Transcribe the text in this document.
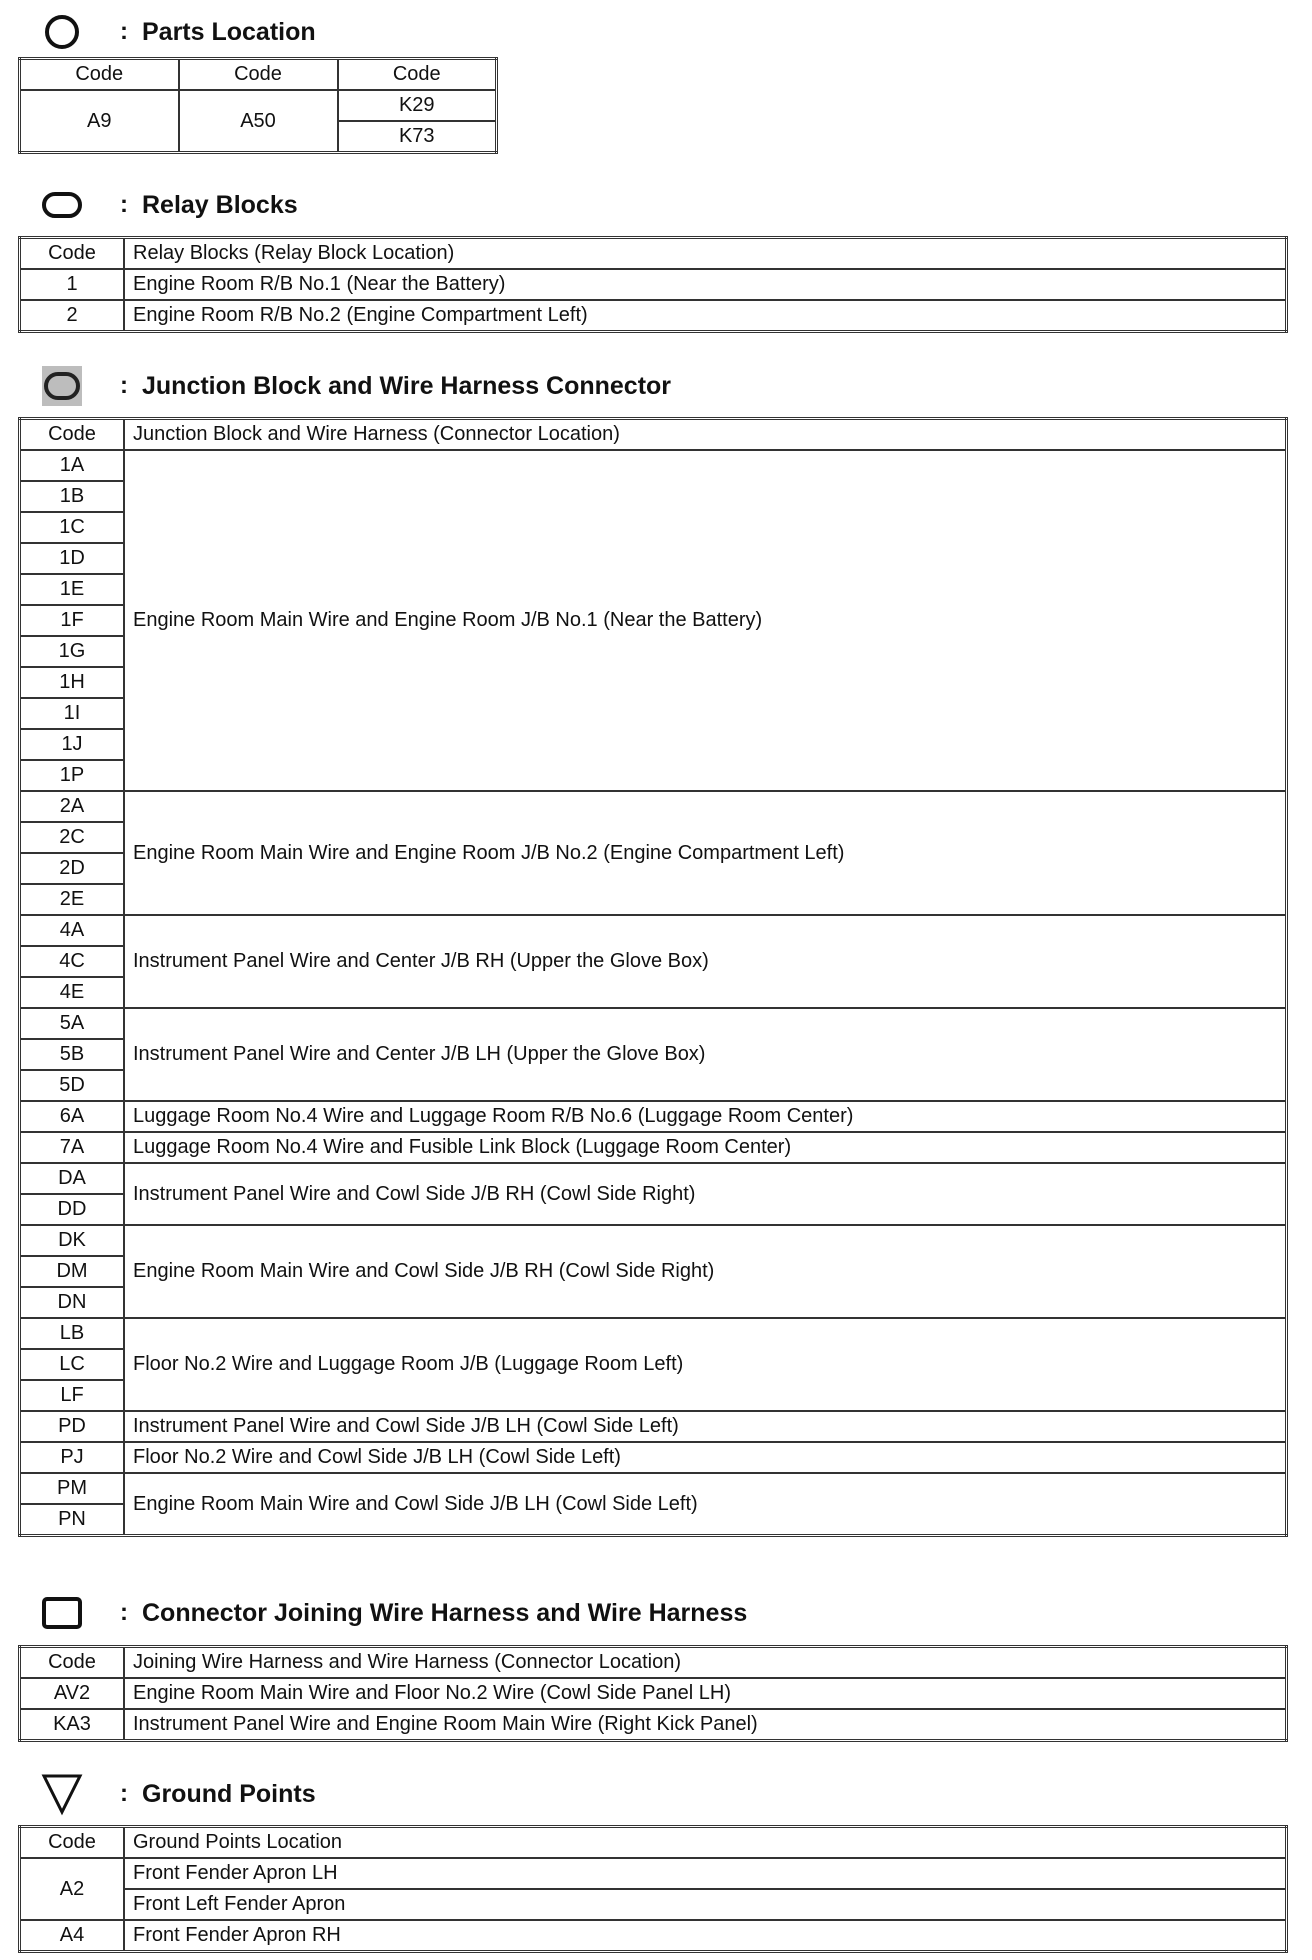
: Parts Location
Code	Code	Code
A9	A50	K29
		K73
: Relay Blocks
Code	Relay Blocks (Relay Block Location)
1	Engine Room R/B No.1 (Near the Battery)
2	Engine Room R/B No.2 (Engine Compartment Left)
: Junction Block and Wire Harness Connector
Code	Junction Block and Wire Harness (Connector Location)
1A	Engine Room Main Wire and Engine Room J/B No.1 (Near the Battery)
1B	
1C	
1D	
1E	
1F	
1G	
1H	
1I	
1J	
1P	
2A	Engine Room Main Wire and Engine Room J/B No.2 (Engine Compartment Left)
2C	
2D	
2E	
4A	Instrument Panel Wire and Center J/B RH (Upper the Glove Box)
4C	
4E	
5A	Instrument Panel Wire and Center J/B LH (Upper the Glove Box)
5B	
5D	
6A	Luggage Room No.4 Wire and Luggage Room R/B No.6 (Luggage Room Center)
7A	Luggage Room No.4 Wire and Fusible Link Block (Luggage Room Center)
DA	Instrument Panel Wire and Cowl Side J/B RH (Cowl Side Right)
DD	
DK	Engine Room Main Wire and Cowl Side J/B RH (Cowl Side Right)
DM	
DN	
LB	Floor No.2 Wire and Luggage Room J/B (Luggage Room Left)
LC	
LF	
PD	Instrument Panel Wire and Cowl Side J/B LH (Cowl Side Left)
PJ	Floor No.2 Wire and Cowl Side J/B LH (Cowl Side Left)
PM	Engine Room Main Wire and Cowl Side J/B LH (Cowl Side Left)
PN	
: Connector Joining Wire Harness and Wire Harness
Code	Joining Wire Harness and Wire Harness (Connector Location)
AV2	Engine Room Main Wire and Floor No.2 Wire (Cowl Side Panel LH)
KA3	Instrument Panel Wire and Engine Room Main Wire (Right Kick Panel)
: Ground Points
Code	Ground Points Location
A2	Front Fender Apron LH
	Front Left Fender Apron
A4	Front Fender Apron RH
